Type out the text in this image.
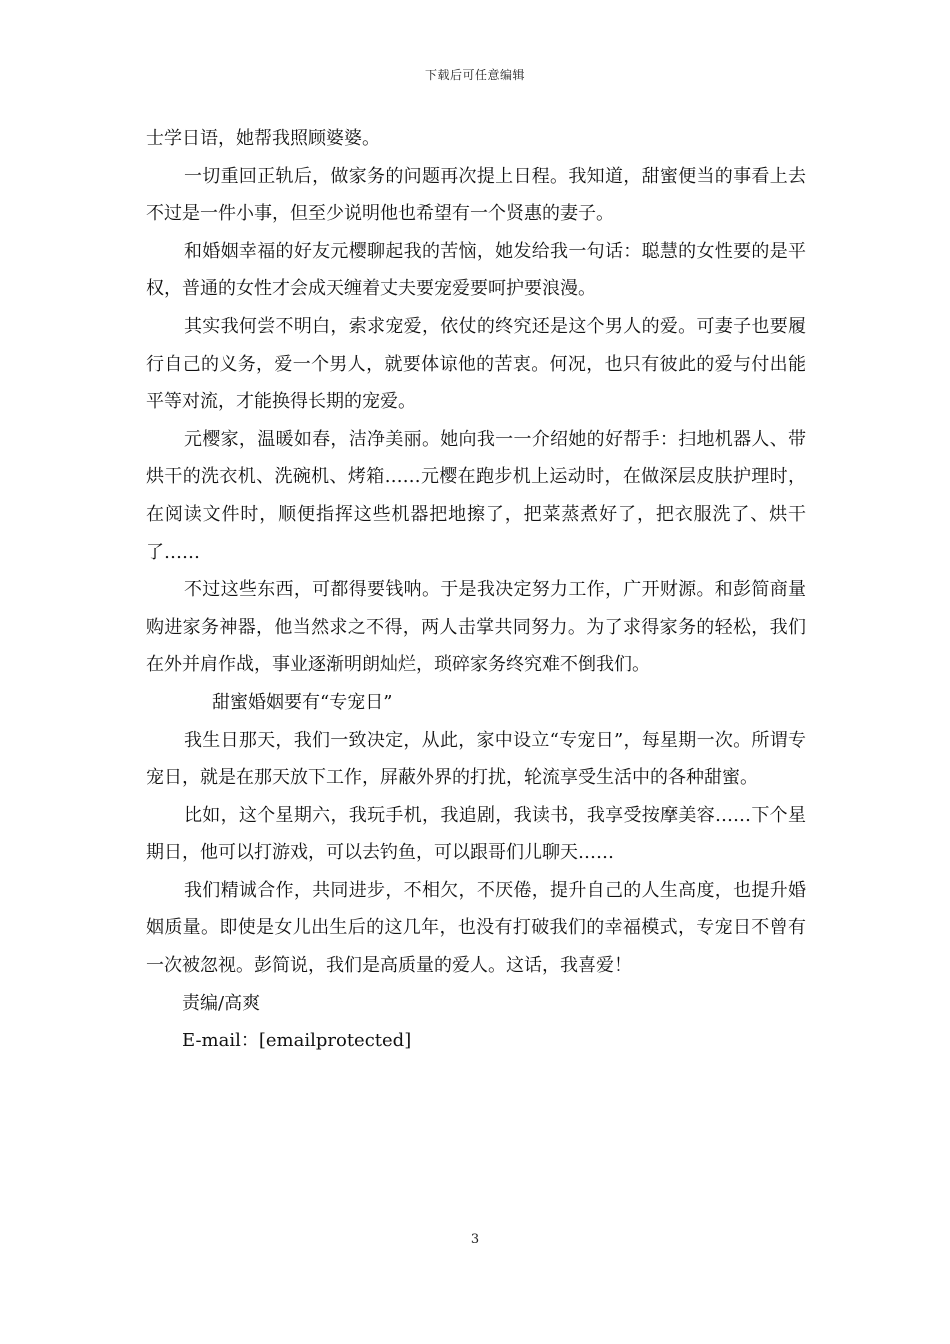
下载后可任意编辑

士学日语，她帮我照顾婆婆。

一切重回正轨后，做家务的问题再次提上日程。我知道，甜蜜便当的事看上去不过是一件小事，但至少说明他也希望有一个贤惠的妻子。

和婚姻幸福的好友元樱聊起我的苦恼，她发给我一句话：聪慧的女性要的是平权，普通的女性才会成天缠着丈夫要宠爱要呵护要浪漫。

其实我何尝不明白，索求宠爱，依仗的终究还是这个男人的爱。可妻子也要履行自己的义务，爱一个男人，就要体谅他的苦衷。何况，也只有彼此的爱与付出能平等对流，才能换得长期的宠爱。

元樱家，温暖如春，洁净美丽。她向我一一介绍她的好帮手：扫地机器人、带烘干的洗衣机、洗碗机、烤箱……元樱在跑步机上运动时，在做深层皮肤护理时，在阅读文件时，顺便指挥这些机器把地擦了，把菜蒸煮好了，把衣服洗了、烘干了……

不过这些东西，可都得要钱呐。于是我决定努力工作，广开财源。和彭简商量购进家务神器，他当然求之不得，两人击掌共同努力。为了求得家务的轻松，我们在外并肩作战，事业逐渐明朗灿烂，琐碎家务终究难不倒我们。

甜蜜婚姻要有“专宠日”

我生日那天，我们一致决定，从此，家中设立“专宠日”，每星期一次。所谓专宠日，就是在那天放下工作，屏蔽外界的打扰，轮流享受生活中的各种甜蜜。

比如，这个星期六，我玩手机，我追剧，我读书，我享受按摩美容……下个星期日，他可以打游戏，可以去钓鱼，可以跟哥们儿聊天……

我们精诚合作，共同进步，不相欠，不厌倦，提升自己的人生高度，也提升婚姻质量。即使是女儿出生后的这几年，也没有打破我们的幸福模式，专宠日不曾有一次被忽视。彭简说，我们是高质量的爱人。这话，我喜爱！

责编/高爽

E-mail：[emailprotected]

3
